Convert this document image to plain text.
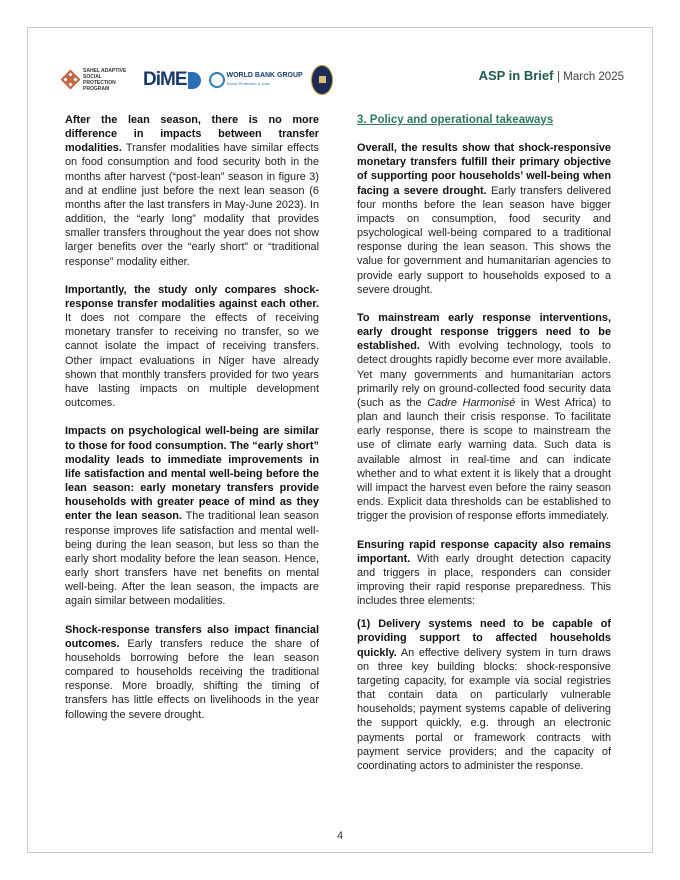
SAHEL ADAPTIVE SOCIAL PROTECTION PROGRAM	DiME	WORLD BANK GROUP
Social Protection & Jobs
ASP in Brief | March 2025

After the lean season, there is no more difference in impacts between transfer modalities. Transfer modalities have similar effects on food consumption and food security both in the months after harvest (“post-lean” season in figure 3) and at endline just before the next lean season (6 months after the last transfers in May-June 2023). In addition, the “early long” modality that provides smaller transfers throughout the year does not show larger benefits over the “early short” or “traditional response” modality either.

Importantly, the study only compares shock-response transfer modalities against each other. It does not compare the effects of receiving monetary transfer to receiving no transfer, so we cannot isolate the impact of receiving transfers. Other impact evaluations in Niger have already shown that monthly transfers provided for two years have lasting impacts on multiple development outcomes.

Impacts on psychological well-being are similar to those for food consumption. The “early short” modality leads to immediate improvements in life satisfaction and mental well-being before the lean season: early monetary transfers provide households with greater peace of mind as they enter the lean season. The traditional lean season response improves life satisfaction and mental well-being during the lean season, but less so than the early short modality before the lean season. Hence, early short transfers have net benefits on mental well-being. After the lean season, the impacts are again similar between modalities.

Shock-response transfers also impact financial outcomes. Early transfers reduce the share of households borrowing before the lean season compared to households receiving the traditional response. More broadly, shifting the timing of transfers has little effects on livelihoods in the year following the severe drought.

3. Policy and operational takeaways

Overall, the results show that shock-responsive monetary transfers fulfill their primary objective of supporting poor households’ well-being when facing a severe drought. Early transfers delivered four months before the lean season have bigger impacts on consumption, food security and psychological well-being compared to a traditional response during the lean season. This shows the value for government and humanitarian agencies to provide early support to households exposed to a severe drought.

To mainstream early response interventions, early drought response triggers need to be established. With evolving technology, tools to detect droughts rapidly become ever more available. Yet many governments and humanitarian actors primarily rely on ground-collected food security data (such as the Cadre Harmonisé in West Africa) to plan and launch their crisis response. To facilitate early response, there is scope to mainstream the use of climate early warning data. Such data is available almost in real-time and can indicate whether and to what extent it is likely that a drought will impact the harvest even before the rainy season ends. Explicit data thresholds can be established to trigger the provision of response efforts immediately.

Ensuring rapid response capacity also remains important. With early drought detection capacity and triggers in place, responders can consider improving their rapid response preparedness. This includes three elements:

(1) Delivery systems need to be capable of providing support to affected households quickly. An effective delivery system in turn draws on three key building blocks: shock-responsive targeting capacity, for example via social registries that contain data on particularly vulnerable households; payment systems capable of delivering the support quickly, e.g. through an electronic payments portal or framework contracts with payment service providers; and the capacity of coordinating actors to administer the response.

4
